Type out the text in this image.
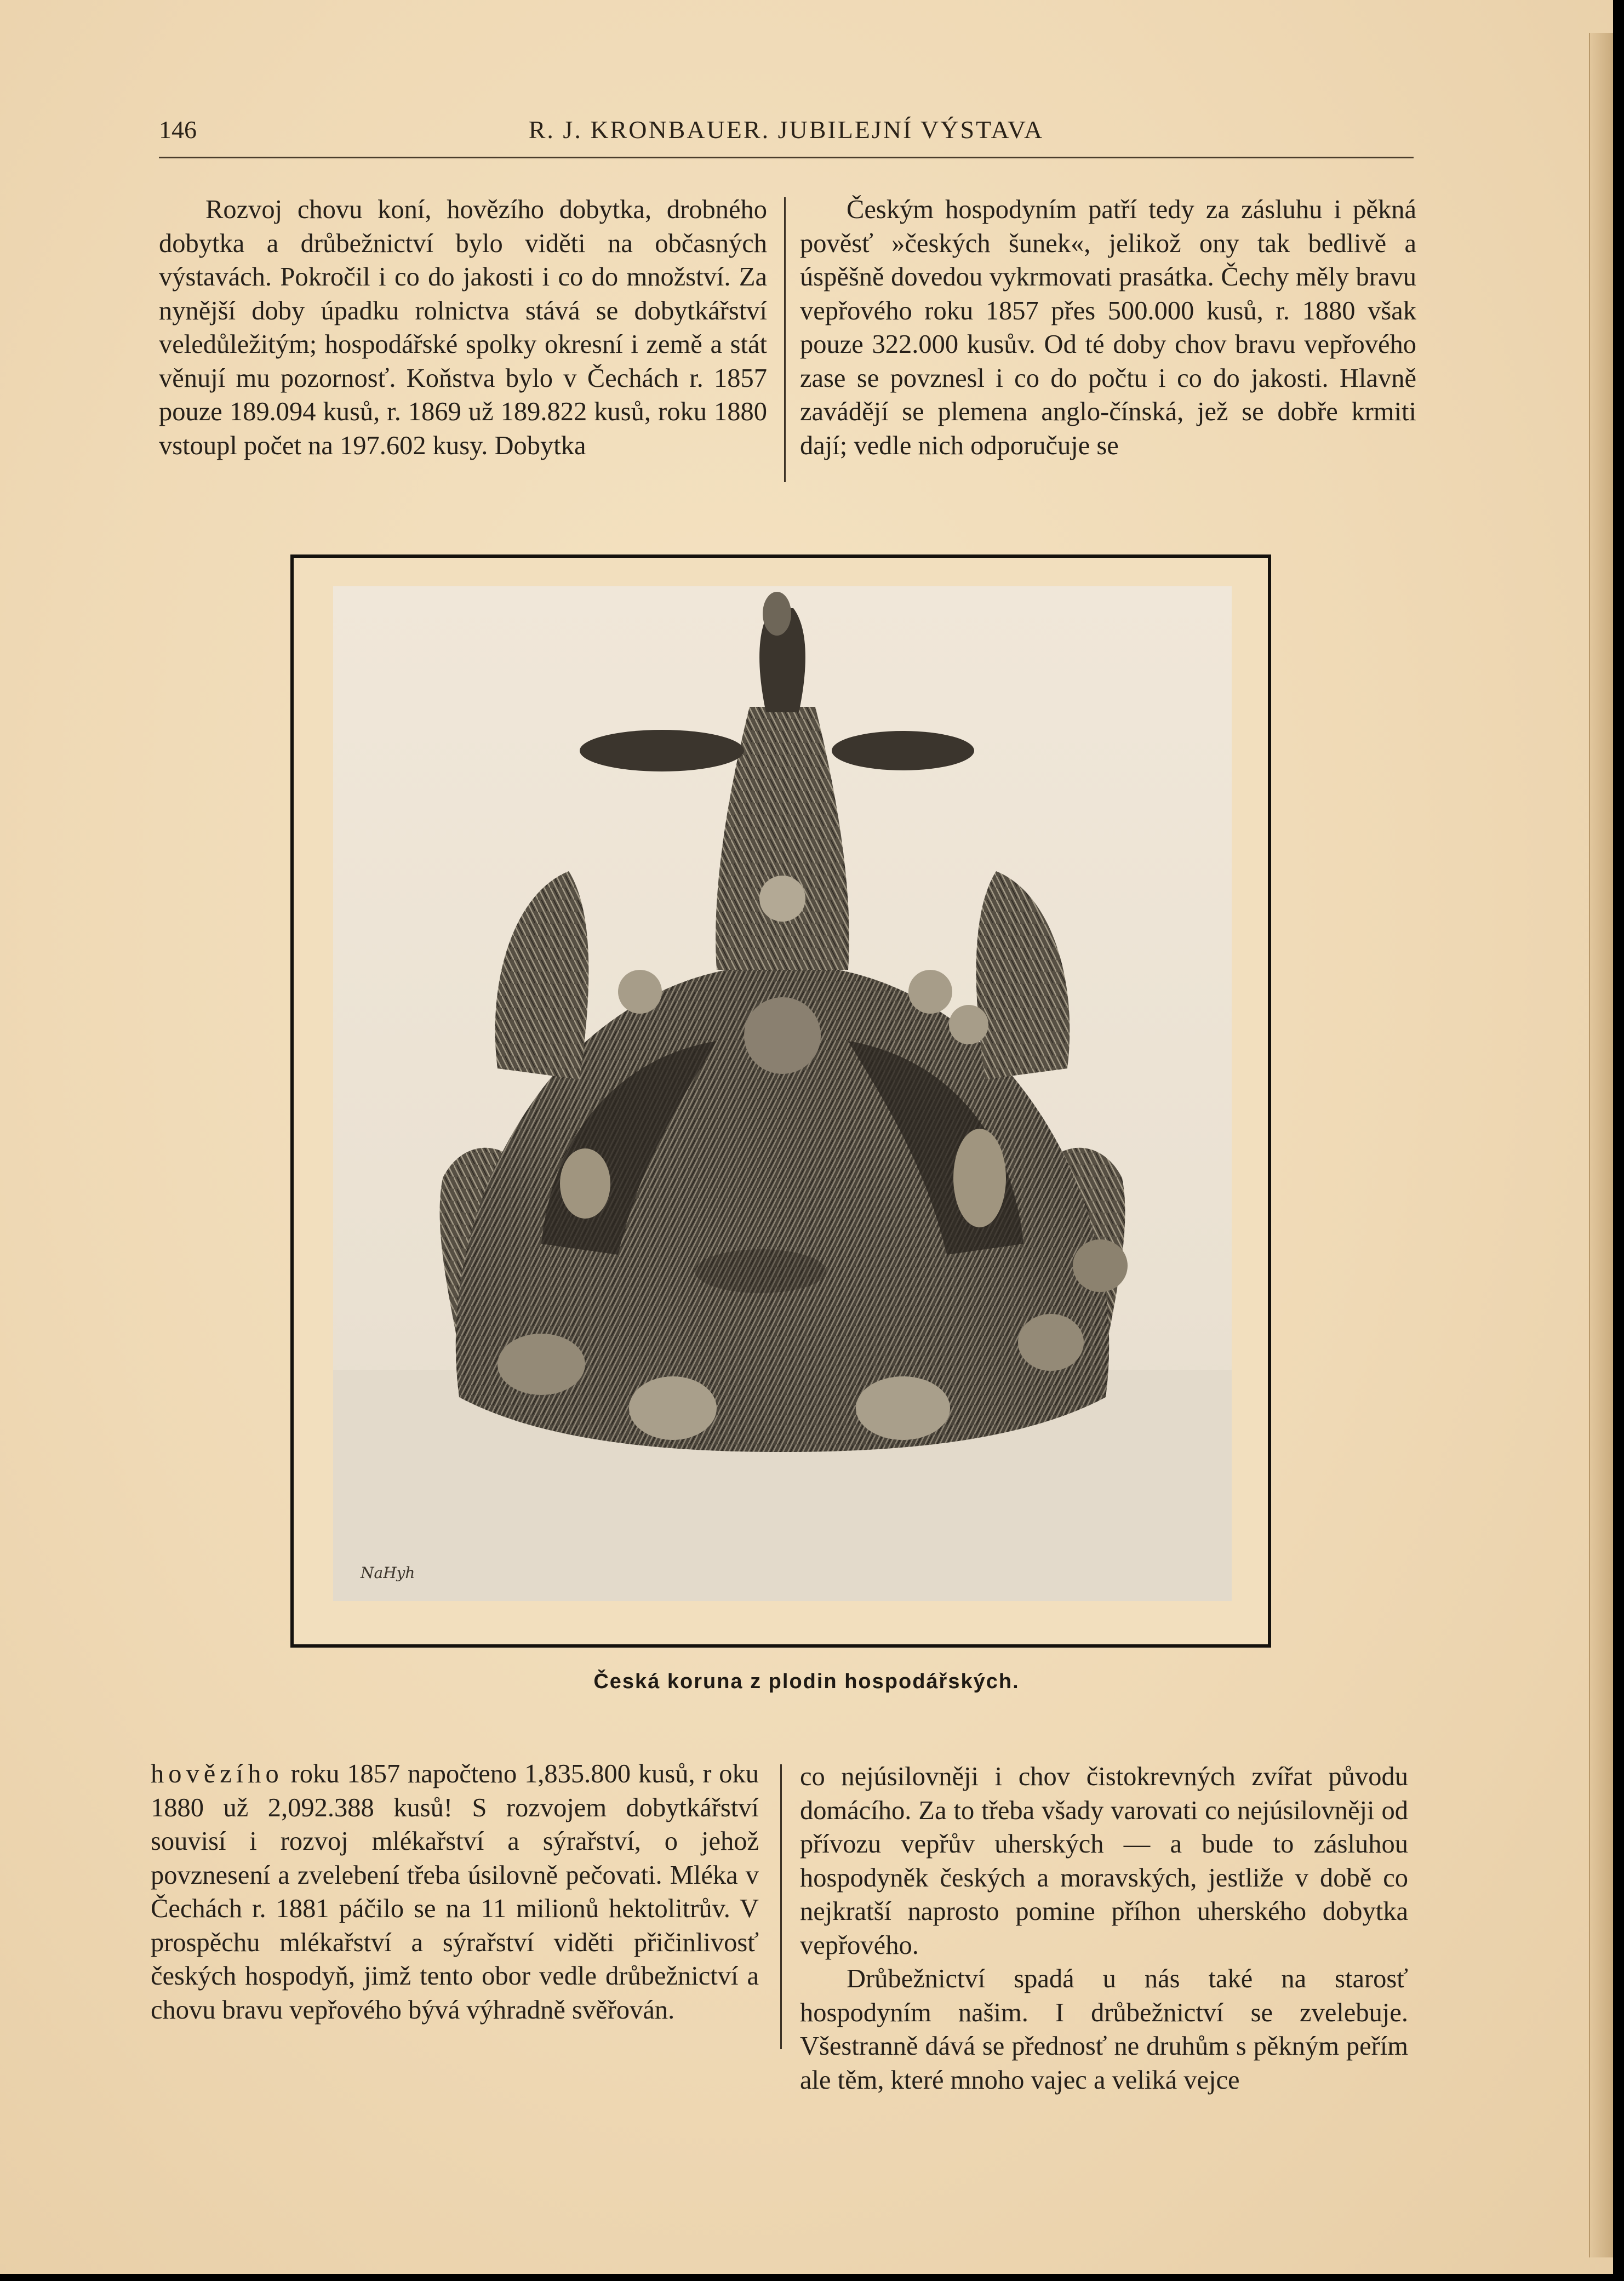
146	R. J. KRONBAUER. JUBILEJNÍ VÝSTAVA

Rozvoj chovu koní, hovězího dobytka, drobného dobytka a drůbežnictví bylo viděti na občasných výstavách. Pokročil i co do jakosti i co do množství. Za nynější doby úpadku rolnictva stává se dobytkářství veledůležitým; hospodářské spolky okresní i země a stát věnují mu pozornosť. Koňstva bylo v Čechách r. 1857 pouze 189.094 kusů, r. 1869 už 189.822 kusů, roku 1880 vstoupl počet na 197.602 kusy. Dobytka

Českým hospodyním patří tedy za zásluhu i pěkná pověsť »českých šunek«, jelikož ony tak bedlivě a úspěšně dovedou vykrmovati prasátka. Čechy měly bravu vepřového roku 1857 přes 500.000 kusů, r. 1880 však pouze 322.000 kusův. Od té doby chov bravu vepřového zase se povznesl i co do počtu i co do jakosti. Hlavně zavádějí se plemena anglo-čínská, jež se dobře krmiti dají; vedle nich odporučuje se

NaHyh
Česká koruna z plodin hospodářských.

hovězího roku 1857 napočteno 1,835.800 kusů, r oku 1880 už 2,092.388 kusů! S rozvojem dobytkářství souvisí i rozvoj mlékařství a sýrařství, o jehož povznesení a zvelebení třeba úsilovně pečovati. Mléka v Čechách r. 1881 páčilo se na 11 milionů hektolitrův. V prospěchu mlékařství a sýrařství viděti přičinlivosť českých hospodyň, jimž tento obor vedle drůbežnictví a chovu bravu vepřového bývá výhradně svěřován.

co nejúsilovněji i chov čistokrevných zvířat původu domácího. Za to třeba všady varovati co nejúsilovněji od přívozu vepřův uherských — a bude to zásluhou hospodyněk českých a moravských, jestliže v době co nejkratší naprosto pomine příhon uherského dobytka vepřového.

Drůbežnictví spadá u nás také na starosť hospodyním našim. I drůbežnictví se zvelebuje. Všestranně dává se přednosť ne druhům s pěkným peřím ale těm, které mnoho vajec a veliká vejce
